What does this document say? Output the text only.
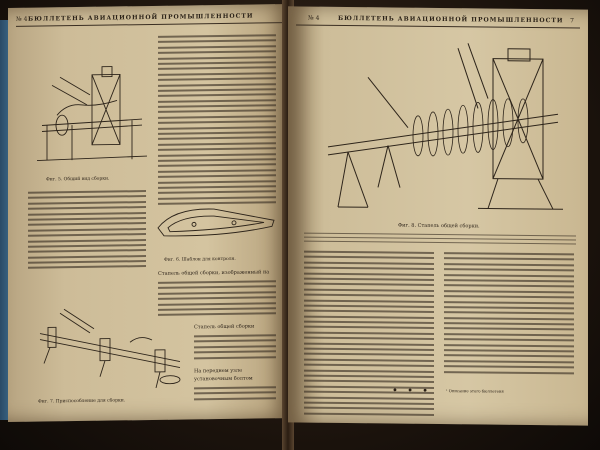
№ 4 БЮЛЛЕТЕНЬ АВИАЦИОННОЙ ПРОМЫШЛЕННОСТИ
Фиг. 5. Общий вид сборки.
Фиг. 6. Шаблон для контроля.
Стапель общей сборки, изображенный на
Стапель общей сборки
На переднем узле
установочным болтом
Фиг. 7. Приспособление для сборки.
№ 4	БЮЛЛЕТЕНЬ АВИАЦИОННОЙ ПРОМЫШЛЕННОСТИ 7
Фиг. 8. Стапель общей сборки.
¹ Описание этого бюллетеня
• • •
